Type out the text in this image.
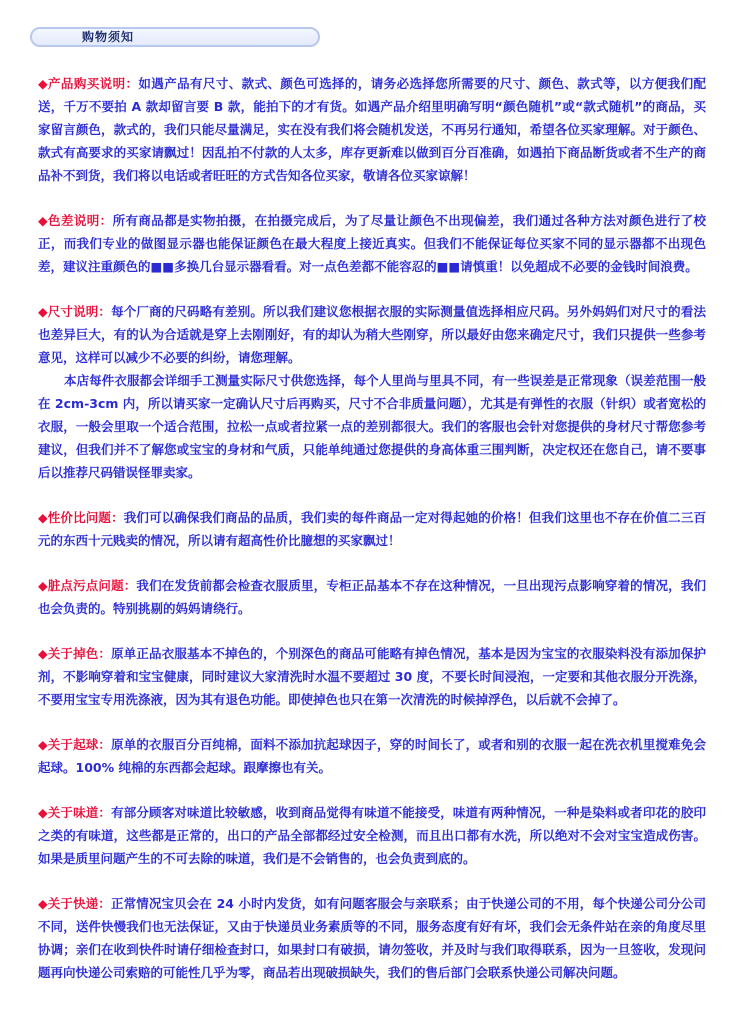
购物须知

◆产品购买说明：如遇产品有尺寸、款式、颜色可选择的，请务必选择您所需要的尺寸、颜色、款式等，以方便我们配送，千万不要拍 A 款却留言要 B 款，能拍下的才有货。如遇产品介绍里明确写明“颜色随机”或“款式随机”的商品，买家留言颜色，款式的，我们只能尽量满足，实在没有我们将会随机发送，不再另行通知，希望各位买家理解。对于颜色、款式有高要求的买家请飘过！因乱拍不付款的人太多，库存更新难以做到百分百准确，如遇拍下商品断货或者不生产的商品补不到货，我们将以电话或者旺旺的方式告知各位买家，敬请各位买家谅解！

◆色差说明：所有商品都是实物拍摄，在拍摄完成后，为了尽量让颜色不出现偏差，我们通过各种方法对颜色进行了校正，而我们专业的做图显示器也能保证颜色在最大程度上接近真实。但我们不能保证每位买家不同的显示器都不出现色差，建议注重颜色的■■多换几台显示器看看。对一点色差都不能容忍的■■请慎重！以免超成不必要的金钱时间浪费。

◆尺寸说明：每个厂商的尺码略有差别。所以我们建议您根据衣服的实际测量值选择相应尺码。另外妈妈们对尺寸的看法也差异巨大，有的认为合适就是穿上去刚刚好，有的却认为稍大些刚穿，所以最好由您来确定尺寸，我们只提供一些参考意见，这样可以减少不必要的纠纷，请您理解。

本店每件衣服都会详细手工测量实际尺寸供您选择，每个人里尚与里具不同，有一些误差是正常现象（误差范围一般在 2cm-3cm 内，所以请买家一定确认尺寸后再购买，尺寸不合非质量问题），尤其是有弹性的衣服（针织）或者宽松的衣服，一般会里取一个适合范围，拉松一点或者拉紧一点的差别都很大。我们的客服也会针对您提供的身材尺寸帮您参考建议，但我们并不了解您或宝宝的身材和气质，只能单纯通过您提供的身高体重三围判断，决定权还在您自己，请不要事后以推荐尺码错误怪罪卖家。

◆性价比问题：我们可以确保我们商品的品质，我们卖的每件商品一定对得起她的价格！但我们这里也不存在价值二三百元的东西十元贱卖的情况，所以请有超高性价比臆想的买家飘过！

◆脏点污点问题：我们在发货前都会检查衣服质里，专柜正品基本不存在这种情况，一旦出现污点影响穿着的情况，我们也会负责的。特别挑剔的妈妈请绕行。

◆关于掉色：原单正品衣服基本不掉色的，个别深色的商品可能略有掉色情况，基本是因为宝宝的衣服染料没有添加保护剂，不影响穿着和宝宝健康，同时建议大家清洗时水温不要超过 30 度，不要长时间浸泡，一定要和其他衣服分开洗涤，不要用宝宝专用洗涤液，因为其有退色功能。即使掉色也只在第一次清洗的时候掉浮色，以后就不会掉了。

◆关于起球：原单的衣服百分百纯棉，面料不添加抗起球因子，穿的时间长了，或者和别的衣服一起在洗衣机里搅难免会起球。100% 纯棉的东西都会起球。跟摩擦也有关。

◆关于味道：有部分顾客对味道比较敏感，收到商品觉得有味道不能接受，味道有两种情况，一种是染料或者印花的胶印之类的有味道，这些都是正常的，出口的产品全部都经过安全检测，而且出口都有水洗，所以绝对不会对宝宝造成伤害。如果是质里问题产生的不可去除的味道，我们是不会销售的，也会负责到底的。

◆关于快递：正常情况宝贝会在 24 小时内发货，如有问题客服会与亲联系；由于快递公司的不用，每个快递公司分公司不同，送件快慢我们也无法保证，又由于快递员业务素质等的不同，服务态度有好有坏，我们会无条件站在亲的角度尽里协调；亲们在收到快件时请仔细检查封口，如果封口有破损，请勿签收，并及时与我们取得联系，因为一旦签收，发现问题再向快递公司索赔的可能性几乎为零，商品若出现破损缺失，我们的售后部门会联系快递公司解决问题。
